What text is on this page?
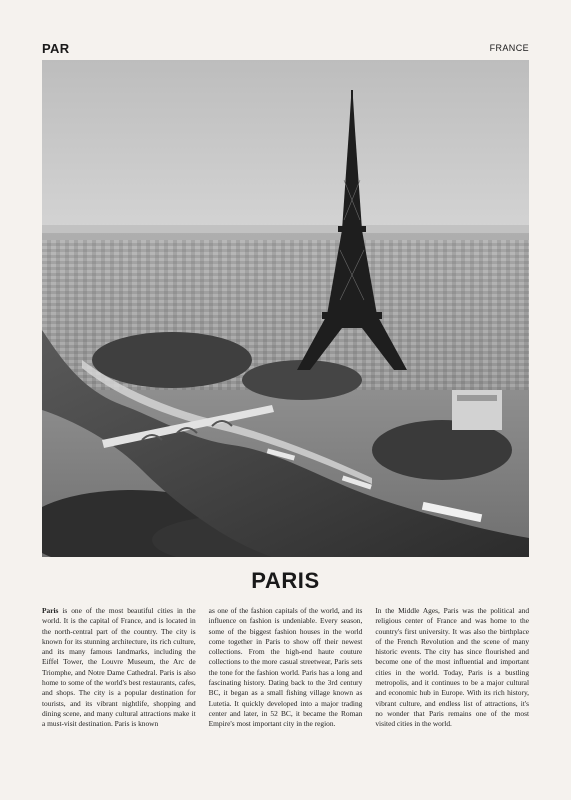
PAR	FRANCE
PARIS
Paris is one of the most beautiful cities in the world. It is the capital of France, and is located in the north-central part of the country. The city is known for its stunning architecture, its rich culture, and its many famous landmarks, including the Eiffel Tower, the Louvre Museum, the Arc de Triomphe, and Notre Dame Cathedral. Paris is also home to some of the world's best restaurants, cafes, and shops. The city is a popular destination for tourists, and its vibrant nightlife, shopping and dining scene, and many cultural attractions make it a must-visit destination. Paris is known
as one of the fashion capitals of the world, and its influence on fashion is undeniable. Every season, some of the biggest fashion houses in the world come together in Paris to show off their newest collections. From the high-end haute couture collections to the more casual streetwear, Paris sets the tone for the fashion world. Paris has a long and fascinating history. Dating back to the 3rd century BC, it began as a small fishing village known as Lutetia. It quickly developed into a major trading center and later, in 52 BC, it became the Roman Empire's most important city in the region.
In the Middle Ages, Paris was the political and religious center of France and was home to the country's first university. It was also the birthplace of the French Revolution and the scene of many historic events. The city has since flourished and become one of the most influential and important cities in the world. Today, Paris is a bustling metropolis, and it continues to be a major cultural and economic hub in Europe. With its rich history, vibrant culture, and endless list of attractions, it's no wonder that Paris remains one of the most visited cities in the world.
